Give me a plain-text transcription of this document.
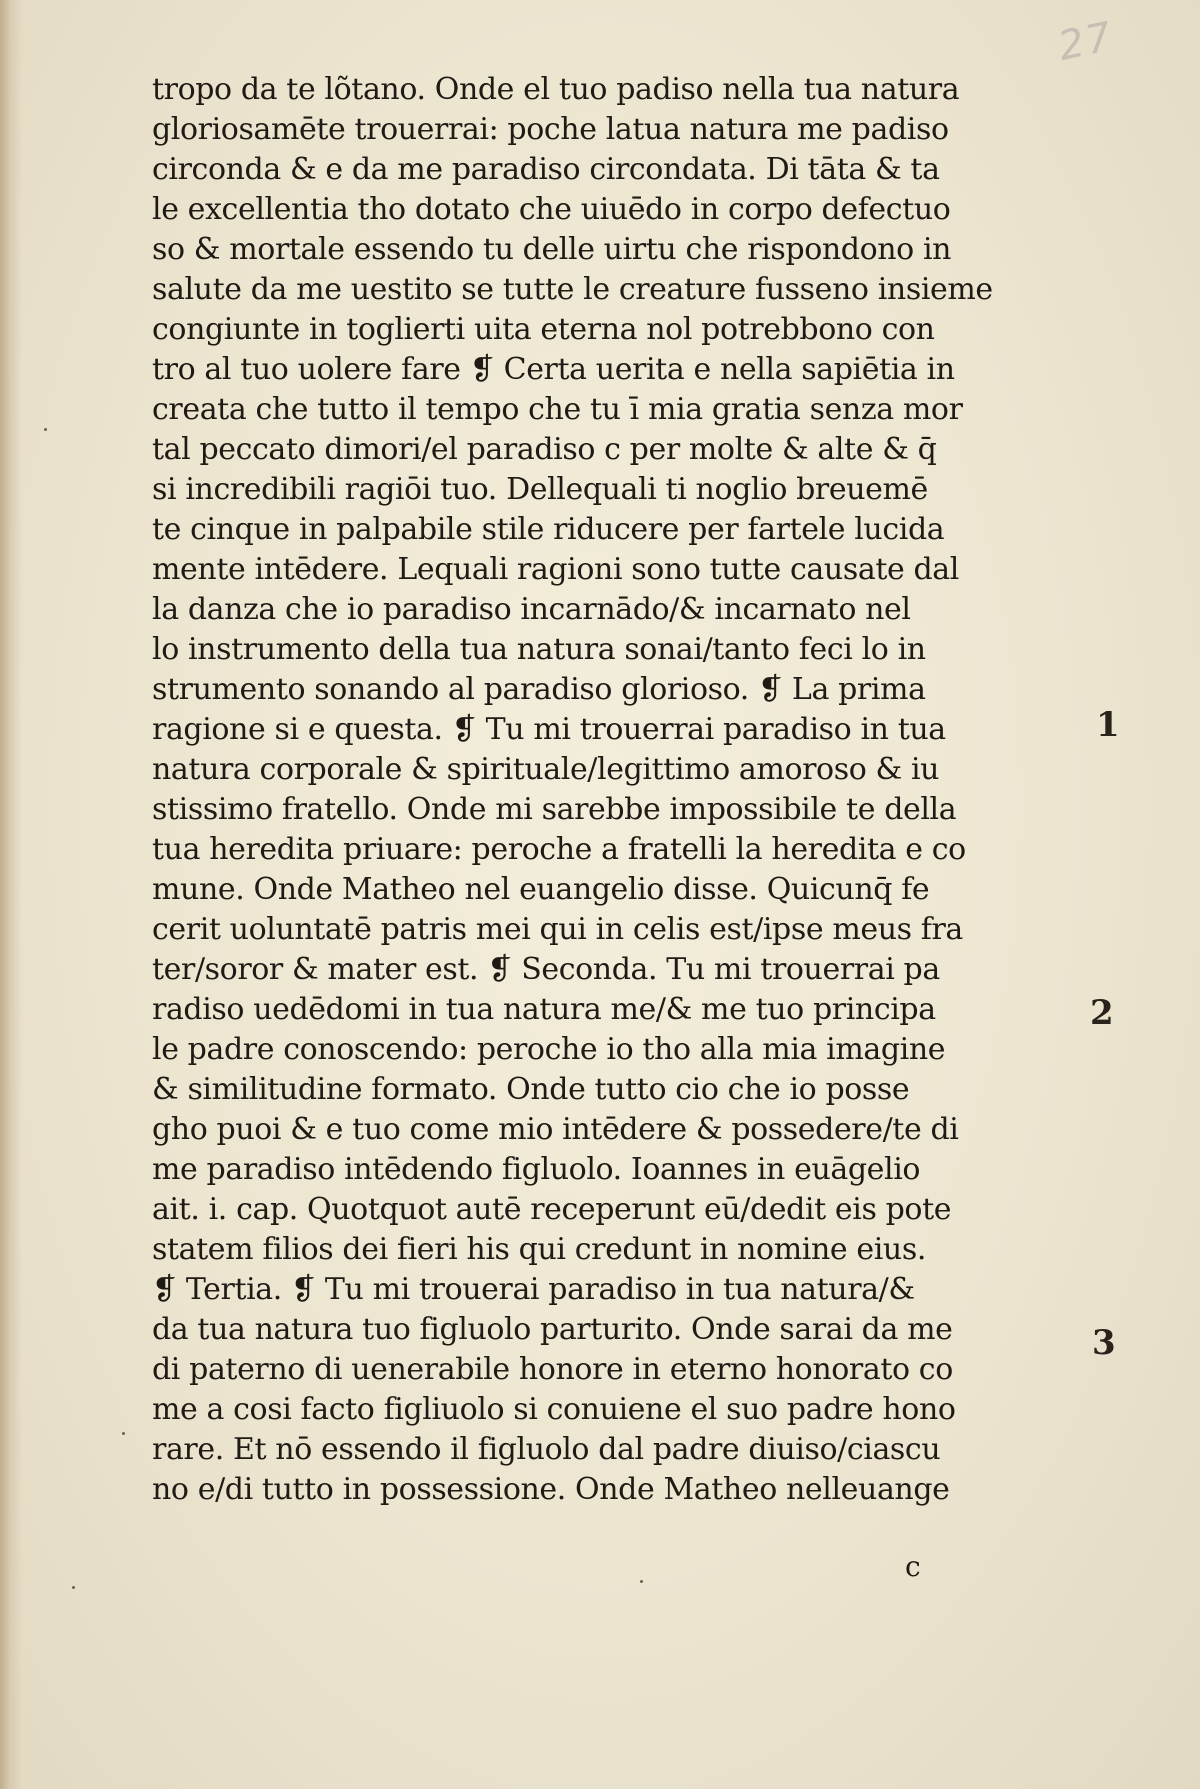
27
tropo da te lõtano. Onde el tuo padiso nella tua natura
gloriosamēte trouerrai: poche latua natura me padiso
circonda & e da me paradiso circondata. Di tāta & ta
le excellentia tho dotato che uiuēdo in corpo defectuo
so & mortale essendo tu delle uirtu che rispondono in
salute da me uestito se tutte le creature fusseno insieme
congiunte in toglierti uita eterna nol potrebbono con
tro al tuo uolere fare ❡ Certa uerita e nella sapiētia in
creata che tutto il tempo che tu ī mia gratia senza mor
tal peccato dimori/el paradiso c per molte & alte & q̄
si incredibili ragiōi tuo. Dellequali ti noglio breuemē
te cinque in palpabile stile riducere per fartele lucida
mente intēdere. Lequali ragioni sono tutte causate dal
la danza che io paradiso incarnādo/& incarnato nel
lo instrumento della tua natura sonai/tanto feci lo in
strumento sonando al paradiso glorioso. ❡ La prima
ragione si e questa. ❡ Tu mi trouerrai paradiso in tua
natura corporale & spirituale/legittimo amoroso & iu
stissimo fratello. Onde mi sarebbe impossibile te della
tua heredita priuare: peroche a fratelli la heredita e co
mune. Onde Matheo nel euangelio disse. Quicunq̄ fe
cerit uoluntatē patris mei qui in celis est/ipse meus fra
ter/soror & mater est. ❡ Seconda. Tu mi trouerrai pa
radiso uedēdomi in tua natura me/& me tuo principa
le padre conoscendo: peroche io tho alla mia imagine
& similitudine formato. Onde tutto cio che io posse
gho puoi & e tuo come mio intēdere & possedere/te di
me paradiso intēdendo figluolo. Ioannes in euāgelio
ait. i. cap. Quotquot autē receperunt eū/dedit eis pote
statem filios dei fieri his qui credunt in nomine eius.
❡ Tertia. ❡ Tu mi trouerai paradiso in tua natura/&
da tua natura tuo figluolo parturito. Onde sarai da me
di paterno di uenerabile honore in eterno honorato co
me a cosi facto figliuolo si conuiene el suo padre hono
rare. Et nō essendo il figluolo dal padre diuiso/ciascu
no e/di tutto in possessione. Onde Matheo nelleuange
1
2
3
c
